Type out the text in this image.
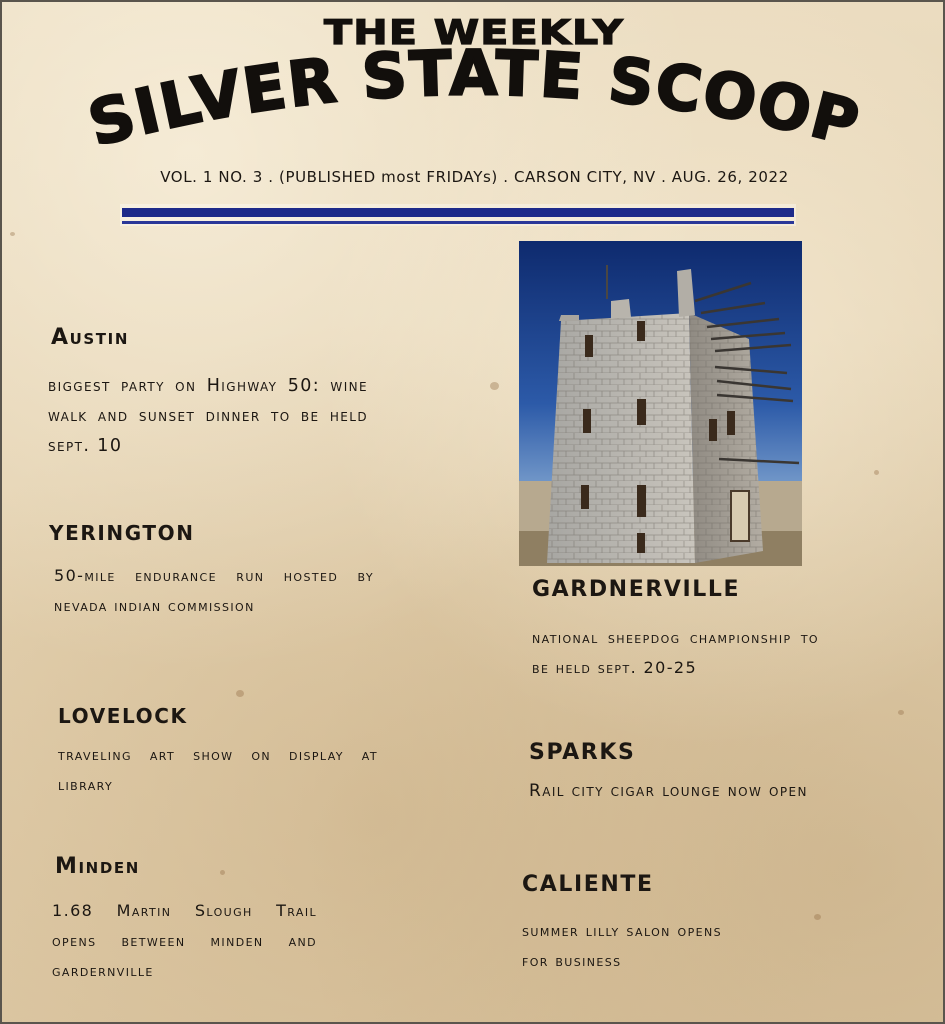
THE WEEKLY
SILVER STATE SCOOP
VOL. 1 NO. 3 . (PUBLISHED most FRIDAYs) . CARSON CITY, NV . AUG. 26, 2022
Austin

biggest party on Highway 50: wine walk and sunset dinner to be held sept. 10

YERINGTON

50-mile endurance run hosted by nevada indian commission

LOVELOCK

traveling art show on display at library

Minden

1.68 Martin Slough Trail opens between minden and gardernville

GARDNERVILLE

national sheepdog championship to be held sept. 20-25

SPARKS

Rail city cigar lounge now open

CALIENTE

summer lilly salon opens for business
